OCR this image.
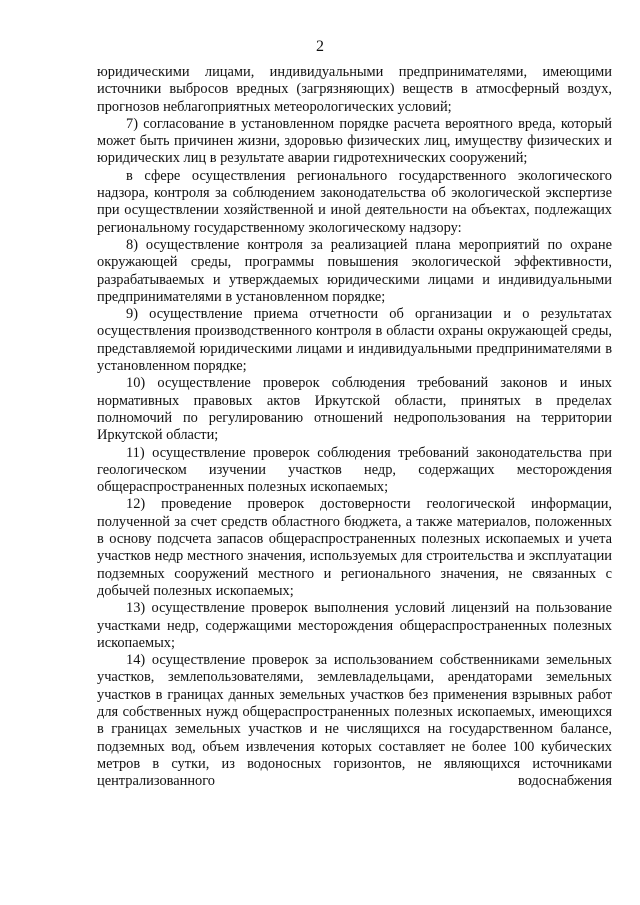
2

юридическими лицами, индивидуальными предпринимателями, имеющими источники выбросов вредных (загрязняющих) веществ в атмосферный воздух, прогнозов неблагоприятных метеорологических условий;

7) согласование в установленном порядке расчета вероятного вреда, который может быть причинен жизни, здоровью физических лиц, имуществу физических и юридических лиц в результате аварии гидротехнических сооружений;

в сфере осуществления регионального государственного экологического надзора, контроля за соблюдением законодательства об экологической экспертизе при осуществлении хозяйственной и иной деятельности на объектах, подлежащих региональному государственному экологическому надзору:

8) осуществление контроля за реализацией плана мероприятий по охране окружающей среды, программы повышения экологической эффективности, разрабатываемых и утверждаемых юридическими лицами и индивидуальными предпринимателями в установленном порядке;

9) осуществление приема отчетности об организации и о результатах осуществления производственного контроля в области охраны окружающей среды, представляемой юридическими лицами и индивидуальными предпринимателями в установленном порядке;

10) осуществление проверок соблюдения требований законов и иных нормативных правовых актов Иркутской области, принятых в пределах полномочий по регулированию отношений недропользования на территории Иркутской области;

11) осуществление проверок соблюдения требований законодательства при геологическом изучении участков недр, содержащих месторождения общераспространенных полезных ископаемых;

12) проведение проверок достоверности геологической информации, полученной за счет средств областного бюджета, а также материалов, положенных в основу подсчета запасов общераспространенных полезных ископаемых и учета участков недр местного значения, используемых для строительства и эксплуатации подземных сооружений местного и регионального значения, не связанных с добычей полезных ископаемых;

13) осуществление проверок выполнения условий лицензий на пользование участками недр, содержащими месторождения общераспространенных полезных ископаемых;

14) осуществление проверок за использованием собственниками земельных участков, землепользователями, землевладельцами, арендаторами земельных участков в границах данных земельных участков без применения взрывных работ для собственных нужд общераспространенных полезных ископаемых, имеющихся в границах земельных участков и не числящихся на государственном балансе, подземных вод, объем извлечения которых составляет не более 100 кубических метров в сутки, из водоносных горизонтов, не являющихся источниками централизованного водоснабжения
